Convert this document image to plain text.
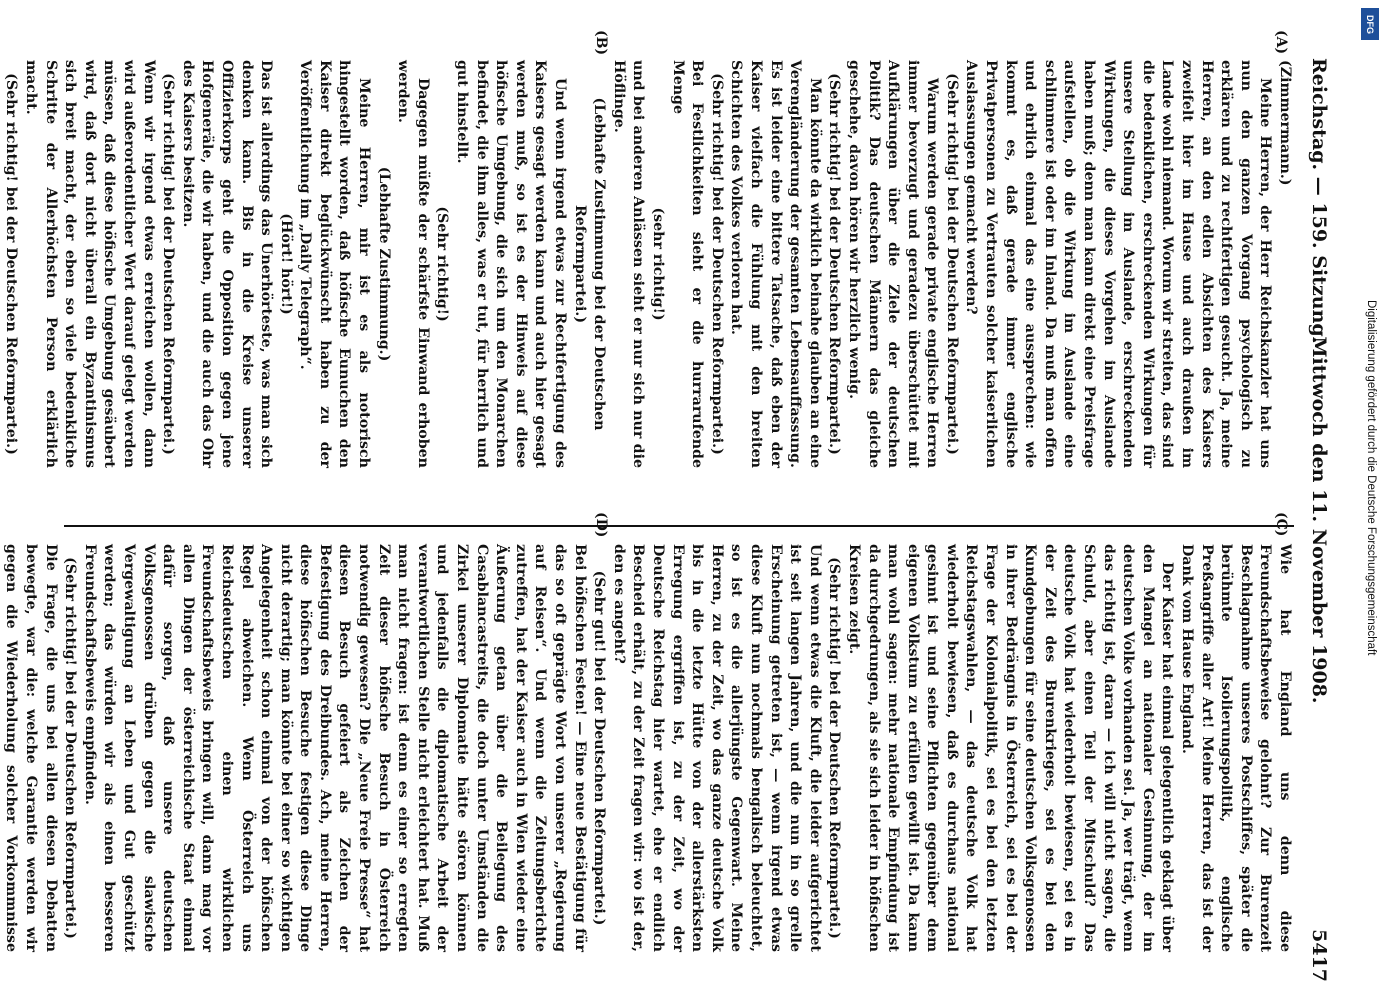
Reichstag. — 159. Sitzung.
Mittwoch den 11. November 1908.
5417
(A)
(B)

(Zimmermann.)

Meine Herren, der Herr Reichskanzler hat uns nun den ganzen Vorgang psychologisch zu erklären und zu rechtfertigen gesucht. Ja, meine Herren, an den edlen Absichten des Kaisers zweifelt hier im Hause und auch draußen im Lande wohl niemand. Worum wir streiten, das sind die bedenklichen, erschreckenden Wirkungen für unsere Stellung im Auslande, erschreckenden Wirkungen, die dieses Vorgehen im Auslande haben muß; denn man kann direkt eine Preisfrage aufstellen, ob die Wirkung im Auslande eine schlimmere ist oder im Inland. Da muß man offen und ehrlich einmal das eine aussprechen: wie kommt es, daß gerade immer englische Privatpersonen zu Vertrauten solcher kaiserlichen Auslassungen gemacht werden?

(Sehr richtig! bei der Deutschen Reformpartei.)

Warum werden gerade private englische Herren immer bevorzugt und geradezu überschüttet mit Aufklärungen über die Ziele der deutschen Politik? Das deutschen Männern das gleiche geschehe, davon hören wir herzlich wenig.

(Sehr richtig! bei der Deutschen Reformpartei.)

Man könnte da wirklich beinahe glauben an eine Verengländerung der gesamten Lebensauffassung. Es ist leider eine bittere Tatsache, daß eben der Kaiser vielfach die Fühlung mit den breiten Schichten des Volkes verloren hat.

(Sehr richtig! bei der Deutschen Reformpartei.)

Bei Festlichkeiten sieht er die hurrarufende Menge

(sehr richtig!)

und bei anderen Anlässen sieht er nur sich nur die Höflinge.

(Lebhafte Zustimmung bei der Deutschen Reformpartei.)

Und wenn irgend etwas zur Rechtfertigung des Kaisers gesagt werden kann und auch hier gesagt werden muß, so ist es der Hinweis auf diese höfische Umgebung, die sich um den Monarchen befindet, die ihm alles, was er tut, für herrlich und gut hinstellt.

(Sehr richtig!)

Dagegen müßte der schärfste Einwand erhoben werden.

(Lebhafte Zustimmung.)

Meine Herren, mir ist es als notorisch hingestellt worden, daß höfische Eunuchen den Kaiser direkt beglückwünscht haben zu der Veröffentlichung im „Daily Telegraph“.

(Hört! hört!)

Das ist allerdings das Unerhörteste, was man sich denken kann. Bis in die Kreise unserer Offizierkorps geht die Opposition gegen jene Hofgeneräle, die wir haben, und die auch das Ohr des Kaisers besitzen.

(Sehr richtig! bei der Deutschen Reformpartei.)

Wenn wir irgend etwas erreichen wollen, dann wird außerordentlicher Wert darauf gelegt werden müssen, daß diese höfische Umgebung gesäubert wird, daß dort nicht überall ein Byzantinismus sich breit macht, der eben so viele bedenkliche Schritte der Allerhöchsten Person erklärlich macht.

(Sehr richtig! bei der Deutschen Reformpartei.)

Wie hat England uns denn diese Freundschaftsbeweise gelohnt? Zur Burenzeit Beschlagnahme unseres Postschiffes, später die berühmte Isolierungspolitik, englische Preßangriffe aller Art! Meine Herren, das ist der Dank vom Hause England.

Der Kaiser hat einmal gelegentlich geklagt über den Mangel an nationaler Gesinnung, der im deutschen Volke vorhanden sei. Ja, wer trägt, wenn das richtig ist, daran — ich will nicht sagen, die Schuld, aber einen Teil der Mitschuld? Das deutsche Volk hat wiederholt bewiesen, sei es in der Zeit des Burenkrieges, sei es bei den Kundgebungen für seine deutschen Volksgenossen in ihrer Bedrängnis in Österreich, sei es bei der Frage der Kolonialpolitik, sei es bei den letzten Reichstagswahlen, — das deutsche Volk hat wiederholt bewiesen, daß es durchaus national gesinnt ist und seine Pflichten gegenüber dem eigenen Volkstum zu erfüllen gewillt ist. Da kann man wohl sagen: mehr nationale Empfindung ist da durchgedrungen, als sie sich leider in höfischen Kreisen zeigt.

(Sehr richtig! bei der Deutschen Reformpartei.)

Und wenn etwas die Kluft, die leider aufgerichtet ist seit langen Jahren, und die nun in so grelle Erscheinung getreten ist, — wenn irgend etwas diese Kluft nun nochmals bengalisch beleuchtet, so ist es die allerjüngste Gegenwart. Meine Herren, zu der Zeit, wo das ganze deutsche Volk bis in die letzte Hütte von der allerstärksten Erregung ergriffen ist, zu der Zeit, wo der Deutsche Reichstag hier wartet, ehe er endlich Bescheid erhält, zu der Zeit fragen wir: wo ist der, den es angeht?

(Sehr gut! bei der Deutschen Reformpartei.)

Bei höfischen Festen! — Eine neue Bestätigung für das so oft geprägte Wort von unserer „Regierung auf Reisen“. Und wenn die Zeitungsberichte zutreffen, hat der Kaiser auch in Wien wieder eine Äußerung getan über die Beilegung des Casablancastreits, die doch unter Umständen die Zirkel unserer Diplomatie hätte stören können und jedenfalls die diplomatische Arbeit der verantwortlichen Stelle nicht erleichtert hat. Muß man nicht fragen: ist denn es einer so erregten Zeit dieser höfische Besuch in Österreich notwendig gewesen? Die „Neue Freie Presse“ hat diesen Besuch gefeiert als Zeichen der Befestigung des Dreibundes. Ach, meine Herren, diese höfischen Besuche festigen diese Dinge nicht derartig; man könnte bei einer so wichtigen Angelegenheit schon einmal von der höfischen Regel abweichen. Wenn Österreich uns Reichsdeutschen einen wirklichen Freundschaftsbeweis bringen will, dann mag vor allen Dingen der österreichische Staat einmal dafür sorgen, daß unsere deutschen Volksgenossen drüben gegen die slawische Vergewaltigung an Leben und Gut geschützt werden; das würden wir als einen besseren Freundschaftsbeweis empfinden.

(Sehr richtig! bei der Deutschen Reformpartei.)

Die Frage, die uns bei allen diesen Debatten bewegte, war die: welche Garantie werden wir gegen die Wiederholung solcher Vorkommnisse

DFG
Digitalisierung gefördert durch die Deutsche Forschungsgemeinschaft
